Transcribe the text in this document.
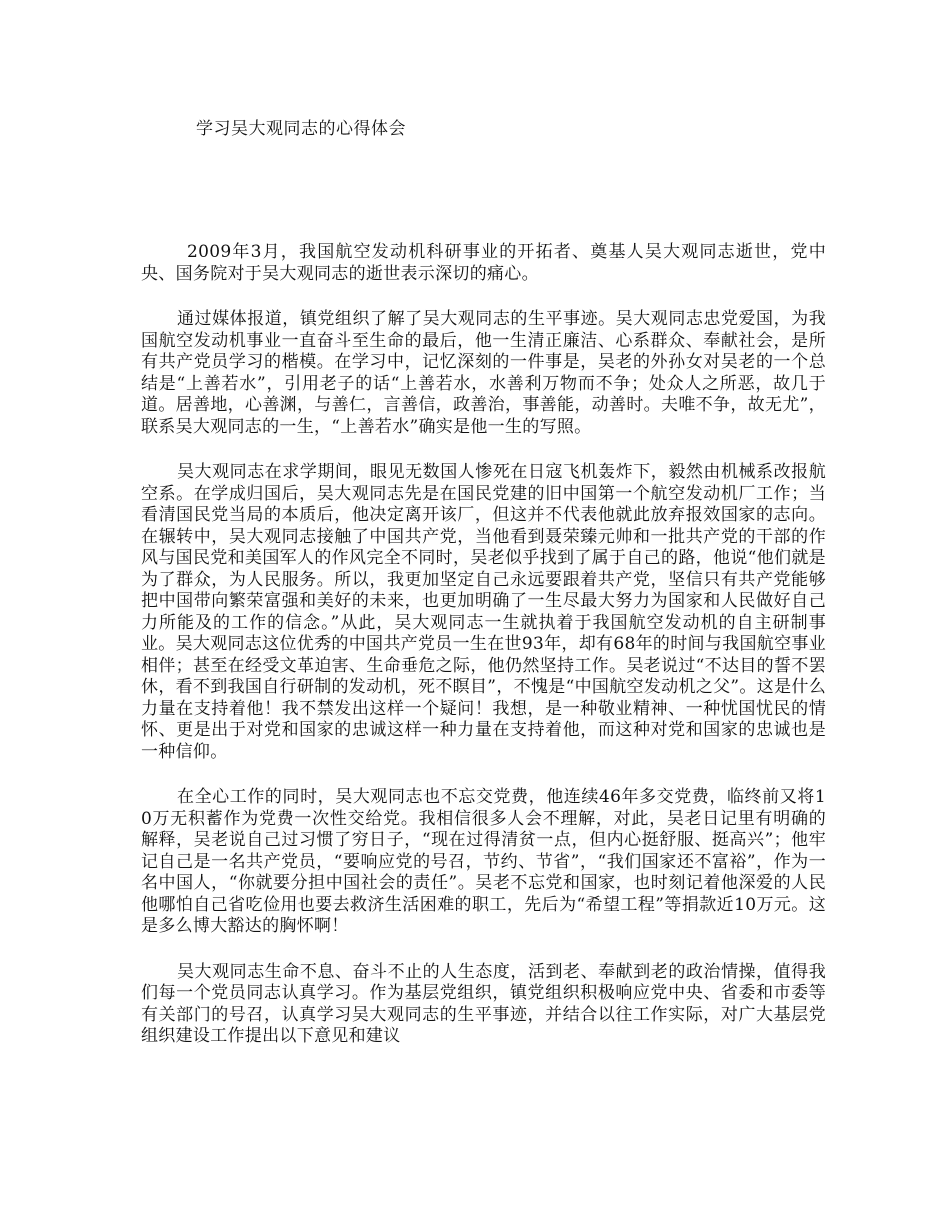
学习吴大观同志的心得体会

2009年3月，我国航空发动机科研事业的开拓者、奠基人吴大观同志逝世，党中央、国务院对于吴大观同志的逝世表示深切的痛心。

通过媒体报道，镇党组织了解了吴大观同志的生平事迹。吴大观同志忠党爱国，为我国航空发动机事业一直奋斗至生命的最后，他一生清正廉洁、心系群众、奉献社会，是所有共产党员学习的楷模。在学习中，记忆深刻的一件事是，吴老的外孙女对吴老的一个总结是“上善若水”，引用老子的话“上善若水，水善利万物而不争；处众人之所恶，故几于道。居善地，心善渊，与善仁，言善信，政善治，事善能，动善时。夫唯不争，故无尤”，联系吴大观同志的一生，“上善若水”确实是他一生的写照。

吴大观同志在求学期间，眼见无数国人惨死在日寇飞机轰炸下，毅然由机械系改报航空系。在学成归国后，吴大观同志先是在国民党建的旧中国第一个航空发动机厂工作；当看清国民党当局的本质后，他决定离开该厂，但这并不代表他就此放弃报效国家的志向。在辗转中，吴大观同志接触了中国共产党，当他看到聂荣臻元帅和一批共产党的干部的作风与国民党和美国军人的作风完全不同时，吴老似乎找到了属于自己的路，他说“他们就是为了群众，为人民服务。所以，我更加坚定自己永远要跟着共产党，坚信只有共产党能够把中国带向繁荣富强和美好的未来，也更加明确了一生尽最大努力为国家和人民做好自己力所能及的工作的信念。”从此，吴大观同志一生就执着于我国航空发动机的自主研制事业。吴大观同志这位优秀的中国共产党员一生在世93年，却有68年的时间与我国航空事业相伴；甚至在经受文革迫害、生命垂危之际，他仍然坚持工作。吴老说过“不达目的誓不罢休，看不到我国自行研制的发动机，死不瞑目”，不愧是“中国航空发动机之父”。这是什么力量在支持着他！我不禁发出这样一个疑问！我想，是一种敬业精神、一种忧国忧民的情怀、更是出于对党和国家的忠诚这样一种力量在支持着他，而这种对党和国家的忠诚也是一种信仰。

在全心工作的同时，吴大观同志也不忘交党费，他连续46年多交党费，临终前又将10万无积蓄作为党费一次性交给党。我相信很多人会不理解，对此，吴老日记里有明确的解释，吴老说自己过习惯了穷日子，“现在过得清贫一点，但内心挺舒服、挺高兴”；他牢记自己是一名共产党员，“要响应党的号召，节约、节省”，“我们国家还不富裕”，作为一名中国人，“你就要分担中国社会的责任”。吴老不忘党和国家，也时刻记着他深爱的人民他哪怕自己省吃俭用也要去救济生活困难的职工，先后为“希望工程”等捐款近10万元。这是多么博大豁达的胸怀啊！

吴大观同志生命不息、奋斗不止的人生态度，活到老、奉献到老的政治情操，值得我们每一个党员同志认真学习。作为基层党组织，镇党组织积极响应党中央、省委和市委等有关部门的号召，认真学习吴大观同志的生平事迹，并结合以往工作实际，对广大基层党组织建设工作提出以下意见和建议
